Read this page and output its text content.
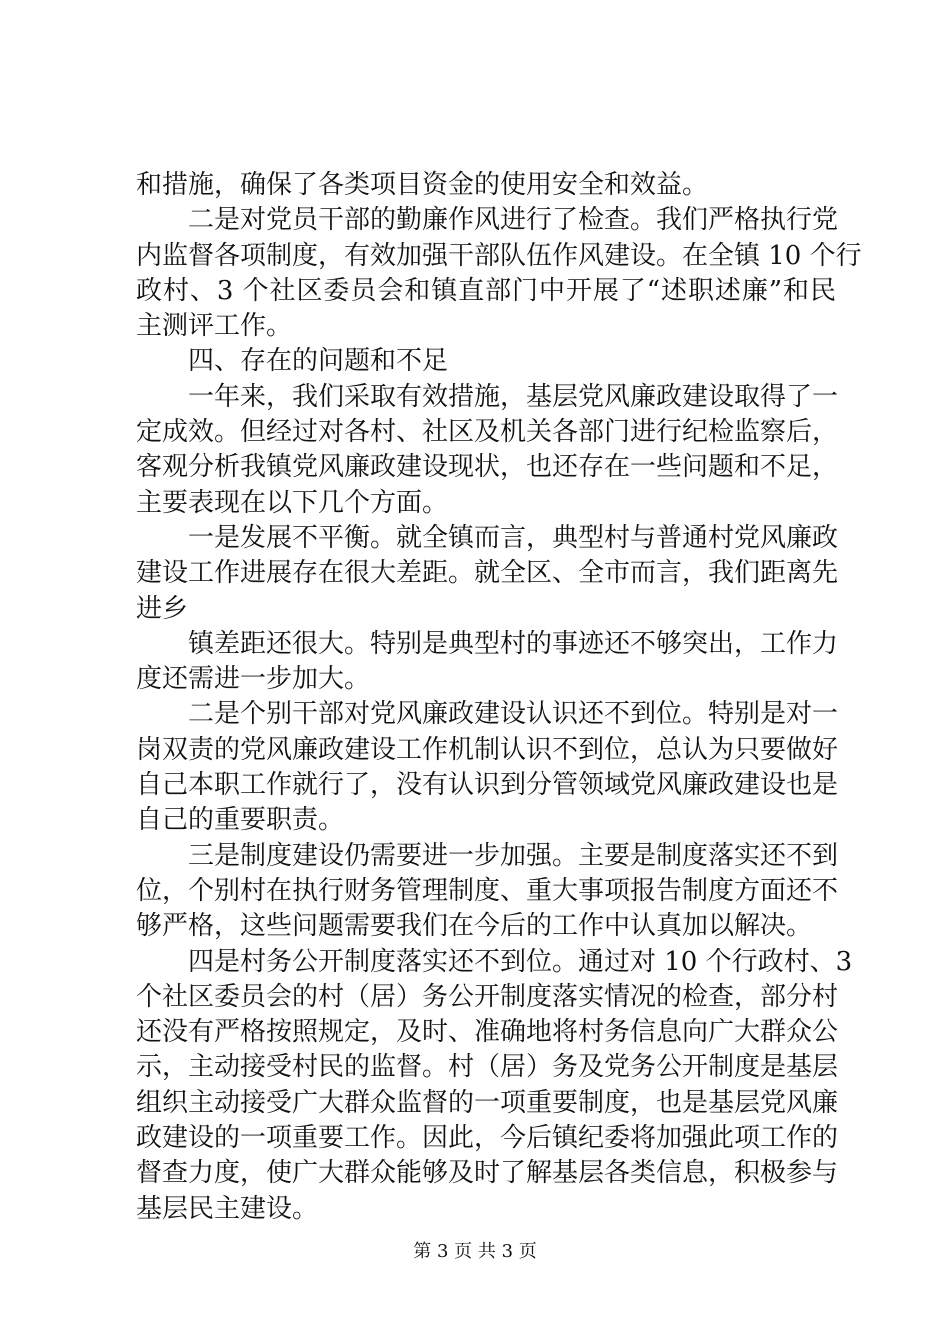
和措施，确保了各类项目资金的使用安全和效益。
二是对党员干部的勤廉作风进行了检查。我们严格执行党
内监督各项制度，有效加强干部队伍作风建设。在全镇 10 个行
政村、3 个社区委员会和镇直部门中开展了“述职述廉”和民
主测评工作。
四、存在的问题和不足
一年来，我们采取有效措施，基层党风廉政建设取得了一
定成效。但经过对各村、社区及机关各部门进行纪检监察后，
客观分析我镇党风廉政建设现状，也还存在一些问题和不足，
主要表现在以下几个方面。
一是发展不平衡。就全镇而言，典型村与普通村党风廉政
建设工作进展存在很大差距。就全区、全市而言，我们距离先
进乡
镇差距还很大。特别是典型村的事迹还不够突出，工作力
度还需进一步加大。
二是个别干部对党风廉政建设认识还不到位。特别是对一
岗双责的党风廉政建设工作机制认识不到位，总认为只要做好
自己本职工作就行了，没有认识到分管领域党风廉政建设也是
自己的重要职责。
三是制度建设仍需要进一步加强。主要是制度落实还不到
位，个别村在执行财务管理制度、重大事项报告制度方面还不
够严格，这些问题需要我们在今后的工作中认真加以解决。
四是村务公开制度落实还不到位。通过对 10 个行政村、3
个社区委员会的村（居）务公开制度落实情况的检查，部分村
还没有严格按照规定，及时、准确地将村务信息向广大群众公
示，主动接受村民的监督。村（居）务及党务公开制度是基层
组织主动接受广大群众监督的一项重要制度，也是基层党风廉
政建设的一项重要工作。因此，今后镇纪委将加强此项工作的
督查力度，使广大群众能够及时了解基层各类信息，积极参与
基层民主建设。
第 3 页 共 3 页
